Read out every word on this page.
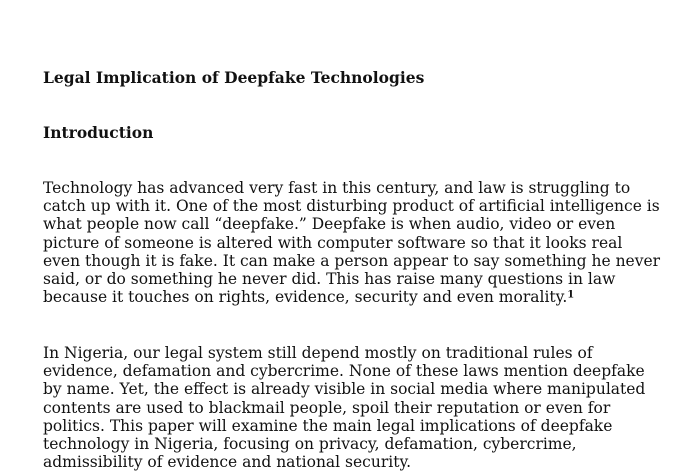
Legal Implication of Deepfake Technologies
Introduction

Technology has advanced very fast in this century, and law is struggling to
catch up with it. One of the most disturbing product of artificial intelligence is
what people now call “deepfake.” Deepfake is when audio, video or even
picture of someone is altered with computer software so that it looks real
even though it is fake. It can make a person appear to say something he never
said, or do something he never did. This has raise many questions in law
because it touches on rights, evidence, security and even morality.$^1$

In Nigeria, our legal system still depend mostly on traditional rules of
evidence, defamation and cybercrime. None of these laws mention deepfake
by name. Yet, the effect is already visible in social media where manipulated
contents are used to blackmail people, spoil their reputation or even for
politics. This paper will examine the main legal implications of deepfake
technology in Nigeria, focusing on privacy, defamation, cybercrime,
admissibility of evidence and national security.
